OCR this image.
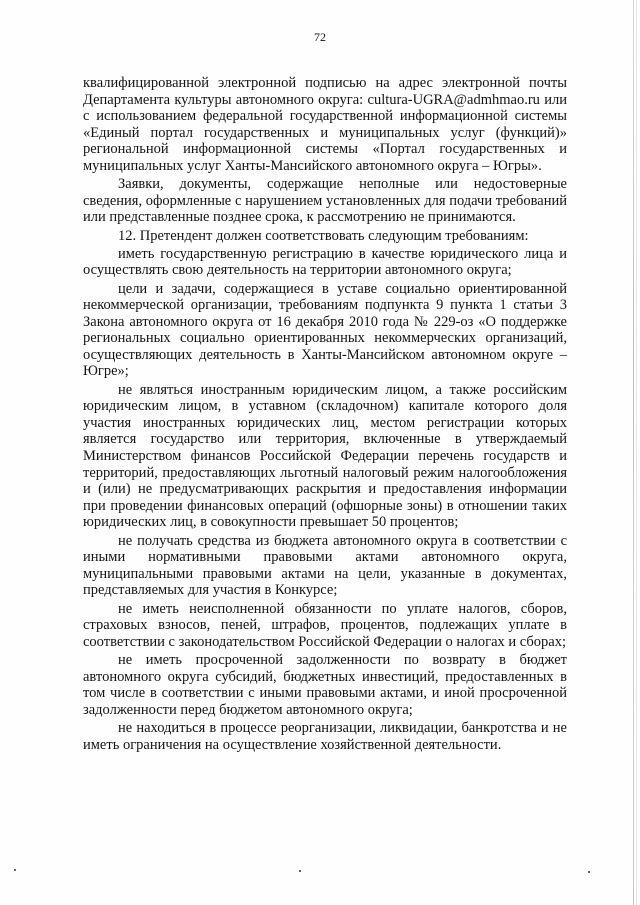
72

квалифицированной электронной подписью на адрес электронной почты Департамента культуры автономного округа: cultura-UGRA@admhmao.ru или с использованием федеральной государственной информационной системы «Единый портал государственных и муниципальных услуг (функций)» региональной информационной системы «Портал государственных и муниципальных услуг Ханты-Мансийского автономного округа – Югры».

Заявки, документы, содержащие неполные или недостоверные сведения, оформленные с нарушением установленных для подачи требований или представленные позднее срока, к рассмотрению не принимаются.

12. Претендент должен соответствовать следующим требованиям:

иметь государственную регистрацию в качестве юридического лица и осуществлять свою деятельность на территории автономного округа;

цели и задачи, содержащиеся в уставе социально ориентированной некоммерческой организации, требованиям подпункта 9 пункта 1 статьи 3 Закона автономного округа от 16 декабря 2010 года № 229-оз «О поддержке региональных социально ориентированных некоммерческих организаций, осуществляющих деятельность в Ханты-Мансийском автономном округе – Югре»;

не являться иностранным юридическим лицом, а также российским юридическим лицом, в уставном (складочном) капитале которого доля участия иностранных юридических лиц, местом регистрации которых является государство или территория, включенные в утверждаемый Министерством финансов Российской Федерации перечень государств и территорий, предоставляющих льготный налоговый режим налогообложения и (или) не предусматривающих раскрытия и предоставления информации при проведении финансовых операций (офшорные зоны) в отношении таких юридических лиц, в совокупности превышает 50 процентов;

не получать средства из бюджета автономного округа в соответствии с иными нормативными правовыми актами автономного округа, муниципальными правовыми актами на цели, указанные в документах, представляемых для участия в Конкурсе;

не иметь неисполненной обязанности по уплате налогов, сборов, страховых взносов, пеней, штрафов, процентов, подлежащих уплате в соответствии с законодательством Российской Федерации о налогах и сборах;

не иметь просроченной задолженности по возврату в бюджет автономного округа субсидий, бюджетных инвестиций, предоставленных в том числе в соответствии с иными правовыми актами, и иной просроченной задолженности перед бюджетом автономного округа;

не находиться в процессе реорганизации, ликвидации, банкротства и не иметь ограничения на осуществление хозяйственной деятельности.
